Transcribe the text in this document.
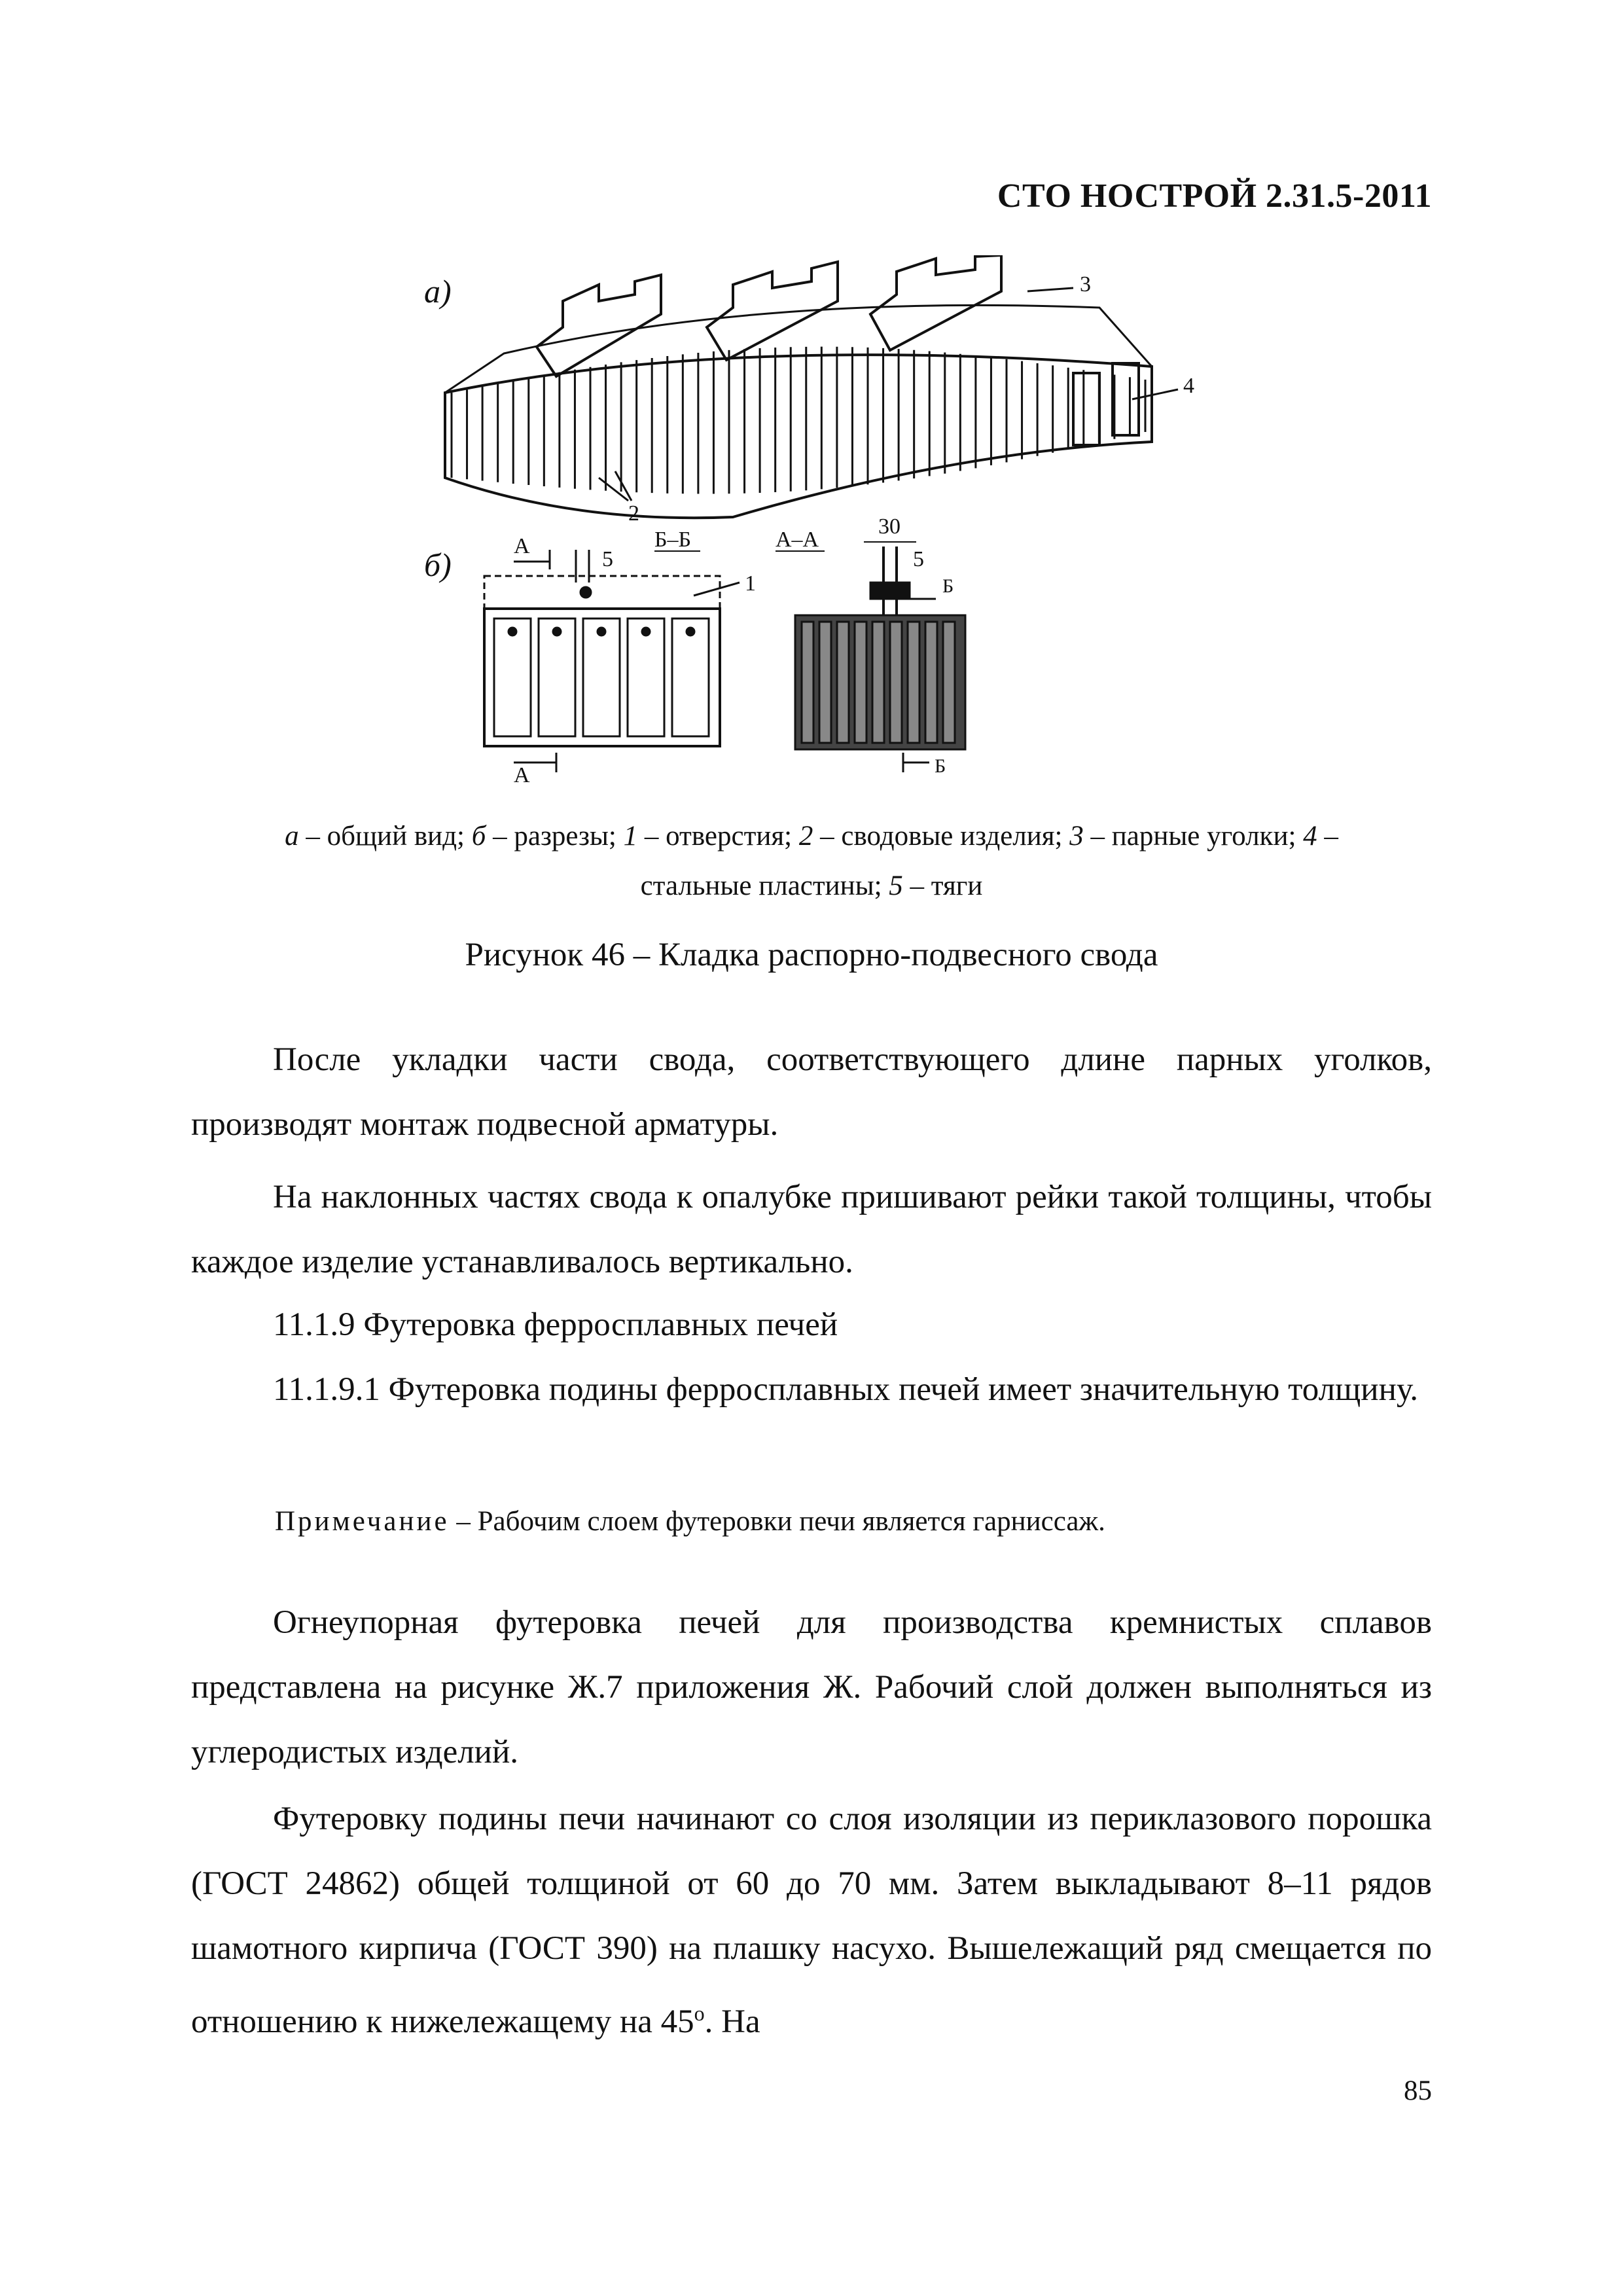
СТО НОСТРОЙ 2.31.5-2011
а)	3
4
2
б)
А	Б–Б
5
1
А
А–А
30
5
Б
Б
а – общий вид; б – разрезы; 1 – отверстия; 2 – сводовые изделия; 3 – парные уголки; 4 –
стальные пластины; 5 – тяги
Рисунок 46 – Кладка распорно-подвесного свода
После укладки части свода, соответствующего длине парных уголков, производят монтаж подвесной арматуры.
На наклонных частях свода к опалубке пришивают рейки такой толщины, чтобы каждое изделие устанавливалось вертикально.
11.1.9 Футеровка ферросплавных печей
11.1.9.1 Футеровка подины ферросплавных печей имеет значительную толщину.
Примечание – Рабочим слоем футеровки печи является гарниссаж.
Огнеупорная футеровка печей для производства кремнистых сплавов представлена на рисунке Ж.7 приложения Ж. Рабочий слой должен выполняться из углеродистых изделий.
Футеровку подины печи начинают со слоя изоляции из периклазового порошка (ГОСТ 24862) общей толщиной от 60 до 70 мм. Затем выкладывают 8–11 рядов шамотного кирпича (ГОСТ 390) на плашку насухо. Вышележащий ряд смещается по отношению к нижележащему на $45^о$. На
85
